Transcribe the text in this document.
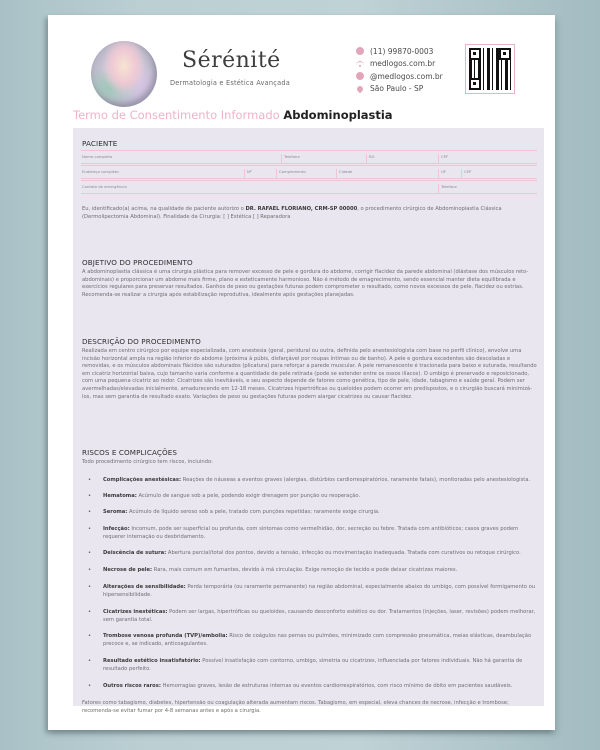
Sérénité
Dermatologia e Estética Avançada
(11) 99870-0003
medlogos.com.br
@medlogos.com.br
São Paulo - SP
Termo de Consentimento Informado Abdominoplastia
PACIENTE
Nome completo	Telefone	RG	CPF
Endereço completo	Nº	Complemento	Cidade	UF	CEP
Contato de emergência	Telefone
Eu, identificado(a) acima, na qualidade de paciente autorizo o DR. RAFAEL FLORIANO, CRM-SP 00000, o procedimento cirúrgico de Abdominoplastia Clássica (Dermolipectomia Abdominal). Finalidade da Cirurgia: [ ] Estética [ ] Reparadora
OBJETIVO DO PROCEDIMENTO
A abdominoplastia clássica é uma cirurgia plástica para remover excesso de pele e gordura do abdome, corrigir flacidez da parede abdominal (diástase dos músculos reto-abdominais) e proporcionar um abdome mais firme, plano e esteticamente harmonioso. Não é método de emagrecimento, sendo essencial manter dieta equilibrada e exercícios regulares para preservar resultados. Ganhos de peso ou gestações futuras podem comprometer o resultado, como novos excessos de pele, flacidez ou estrias. Recomenda-se realizar a cirurgia após estabilização reprodutiva, idealmente após gestações planejadas.
DESCRIÇÃO DO PROCEDIMENTO
Realizada em centro cirúrgico por equipe especializada, com anestesia (geral, peridural ou outra, definida pelo anestesiologista com base no perfil clínico), envolve uma incisão horizontal ampla na região inferior do abdome (próxima à púbis, disfarçável por roupas íntimas ou de banho). A pele e gordura excedentes são descoladas e removidas, e os músculos abdominais flácidos são suturados (plicatura) para reforçar a parede muscular. A pele remanescente é tracionada para baixo e suturada, resultando em cicatriz horizontal baixa, cujo tamanho varia conforme a quantidade de pele retirada (pode se estender entre os ossos ilíacos). O umbigo é preservado e reposicionado, com uma pequena cicatriz ao redor. Cicatrizes são inevitáveis, e seu aspecto depende de fatores como genética, tipo de pele, idade, tabagismo e saúde geral. Podem ser avermelhadas/elevadas inicialmente, amadurecendo em 12-18 meses. Cicatrizes hipertróficas ou queloides podem ocorrer em predispostos, e o cirurgião buscará minimizá-los, mas sem garantia de resultado exato. Variações de peso ou gestações futuras podem alargar cicatrizes ou causar flacidez.
RISCOS E COMPLICAÇÕES
Todo procedimento cirúrgico tem riscos, incluindo:
• Complicações anestésicas: Reações de náuseas a eventos graves (alergias, distúrbios cardiorrespiratórios, raramente fatais), monitoradas pelo anestesiologista.
• Hematoma: Acúmulo de sangue sob a pele, podendo exigir drenagem por punção ou reoperação.
• Seroma: Acúmulo de líquido seroso sob a pele, tratado com punções repetidas; raramente exige cirurgia.
• Infecção: Incomum, pode ser superficial ou profunda, com sintomas como vermelhidão, dor, secreção ou febre. Tratada com antibióticos; casos graves podem requerer internação ou desbridamento.
• Deiscência de sutura: Abertura parcial/total dos pontos, devido a tensão, infecção ou movimentação inadequada. Tratada com curativos ou retoque cirúrgico.
• Necrose de pele: Rara, mais comum em fumantes, devido à má circulação. Exige remoção de tecido e pode deixar cicatrizes maiores.
• Alterações de sensibilidade: Perda temporária (ou raramente permanente) na região abdominal, especialmente abaixo do umbigo, com possível formigamento ou hipersensibilidade.
• Cicatrizes inestéticas: Podem ser largas, hipertróficas ou queloides, causando desconforto estético ou dor. Tratamentos (injeções, laser, revisões) podem melhorar, sem garantia total.
• Trombose venosa profunda (TVP)/embolia: Risco de coágulos nas pernas ou pulmões, minimizado com compressão pneumática, meias elásticas, deambulação precoce e, se indicado, anticoagulantes.
• Resultado estético insatisfatório: Possível insatisfação com contorno, umbigo, simetria ou cicatrizes, influenciada por fatores individuais. Não há garantia de resultado perfeito.
• Outros riscos raros: Hemorragias graves, lesão de estruturas internas ou eventos cardiorrespiratórios, com risco mínimo de óbito em pacientes saudáveis.
Fatores como tabagismo, diabetes, hipertensão ou coagulação alterada aumentam riscos. Tabagismo, em especial, eleva chances de necrose, infecção e trombose; recomenda-se evitar fumar por 4-8 semanas antes e após a cirurgia.
